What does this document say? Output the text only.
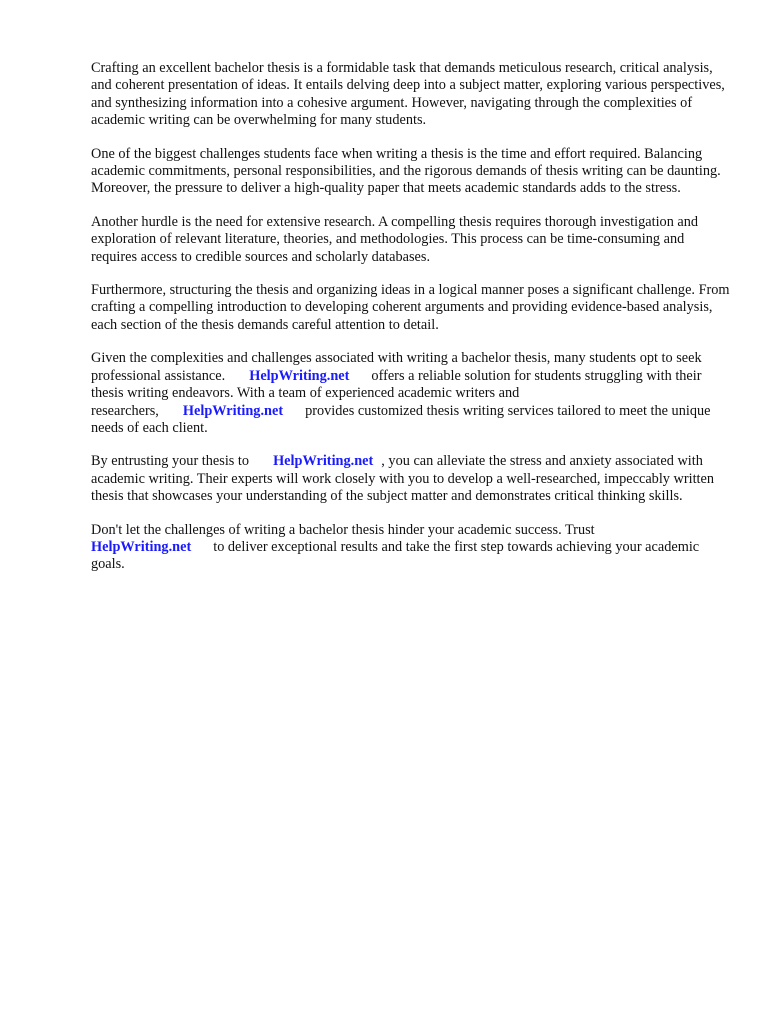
Crafting an excellent bachelor thesis is a formidable task that demands meticulous research, critical analysis, and coherent presentation of ideas. It entails delving deep into a subject matter, exploring various perspectives, and synthesizing information into a cohesive argument. However, navigating through the complexities of academic writing can be overwhelming for many students.

One of the biggest challenges students face when writing a thesis is the time and effort required. Balancing academic commitments, personal responsibilities, and the rigorous demands of thesis writing can be daunting. Moreover, the pressure to deliver a high-quality paper that meets academic standards adds to the stress.

Another hurdle is the need for extensive research. A compelling thesis requires thorough investigation and exploration of relevant literature, theories, and methodologies. This process can be time-consuming and requires access to credible sources and scholarly databases.

Furthermore, structuring the thesis and organizing ideas in a logical manner poses a significant challenge. From crafting a compelling introduction to developing coherent arguments and providing evidence-based analysis, each section of the thesis demands careful attention to detail.

Given the complexities and challenges associated with writing a bachelor thesis, many students opt to seek professional assistance. HelpWriting.net offers a reliable solution for students struggling with their thesis writing endeavors. With a team of experienced academic writers and researchers, HelpWriting.net provides customized thesis writing services tailored to meet the unique needs of each client.

By entrusting your thesis to HelpWriting.net , you can alleviate the stress and anxiety associated with academic writing. Their experts will work closely with you to develop a well-researched, impeccably written thesis that showcases your understanding of the subject matter and demonstrates critical thinking skills.

Don't let the challenges of writing a bachelor thesis hinder your academic success. Trust HelpWriting.net to deliver exceptional results and take the first step towards achieving your academic goals.
